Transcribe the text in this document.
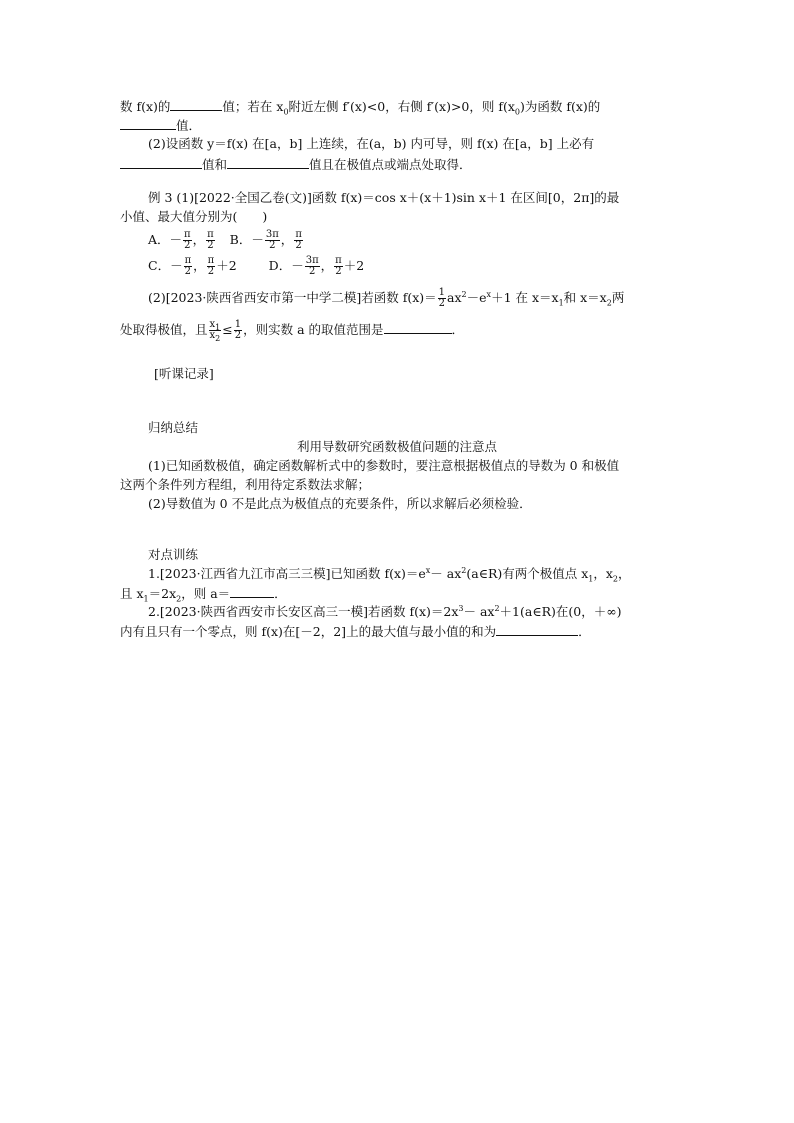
数 f(x)的	值；若在 $x_0$附近左侧 f′(x)<0，右侧 f′(x)>0，则 $f(x_0)$为函数 f(x)的
值．
(2)设函数 y＝f(x) 在[a，b] 上连续，在(a，b) 内可导，则 f(x) 在[a，b] 上必有
值和	值且在极值点或端点处取得．
例 3 (1)[2022·全国乙卷(文)]函数 f(x)＝cos x＋(x＋1)sin x＋1 在区间[0，2π]的最
小值、最大值分别为(　　)
A．－ $\frac{\pi}{2}$ ， $\frac{\pi}{2}$ B．－ $\frac{3\pi}{2}$ ， $\frac{\pi}{2}$
C．－ $\frac{\pi}{2}$ ， $\frac{\pi}{2} +2$	D．－ $\frac{3\pi}{2}$ ， $\frac{\pi}{2} +2$
(2)[2023·陕西省西安市第一中学二模]若函数 $f(x)= \frac{1}{2} ax^2-e^x+1$ 在 $x=x_1$和 $x=x_2$两
处取得极值，且 $\frac{x_1}{x_2} \le \frac{1}{2}$ ，则实数 a 的取值范围是	．
[听课记录]
归纳总结
利用导数研究函数极值问题的注意点
(1)已知函数极值，确定函数解析式中的参数时，要注意根据极值点的导数为 0 和极值
这两个条件列方程组，利用待定系数法求解；
(2)导数值为 0 不是此点为极值点的充要条件，所以求解后必须检验．
对点训练
1.[2023·江西省九江市高三三模]已知函数 $f(x)=e^x-$ $ax^2(a\in R)$有两个极值点 $x_1$，$x_2$，
且 $x_1=2x_2$，则 a＝	．
2.[2023·陕西省西安市长安区高三一模]若函数 $f(x)=2x^3-$ $ax^2+1(a\in R)$在(0，＋∞)
内有且只有一个零点，则 f(x)在[－2，2]上的最大值与最小值的和为	．
